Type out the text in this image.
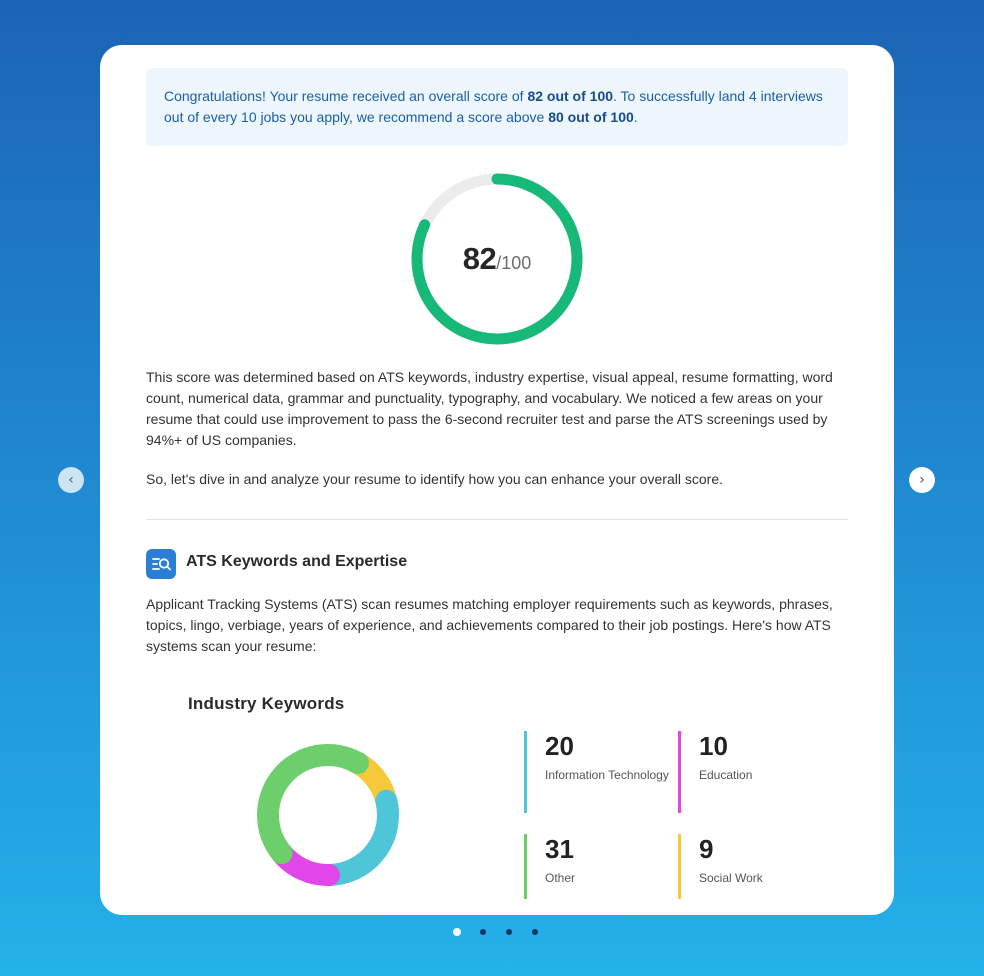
Congratulations! Your resume received an overall score of 82 out of 100. To successfully land 4 interviews out of every 10 jobs you apply, we recommend a score above 80 out of 100.
82 /100
This score was determined based on ATS keywords, industry expertise, visual appeal, resume formatting, word count, numerical data, grammar and punctuality, typography, and vocabulary. We noticed a few areas on your resume that could use improvement to pass the 6-second recruiter test and parse the ATS screenings used by 94%+ of US companies.
So, let's dive in and analyze your resume to identify how you can enhance your overall score.
ATS Keywords and Expertise
Applicant Tracking Systems (ATS) scan resumes matching employer requirements such as keywords, phrases, topics, lingo, verbiage, years of experience, and achievements compared to their job postings. Here's how ATS systems scan your resume:
Industry Keywords
20
Information Technology
10
Education
31
Other
9
Social Work
‹	›
